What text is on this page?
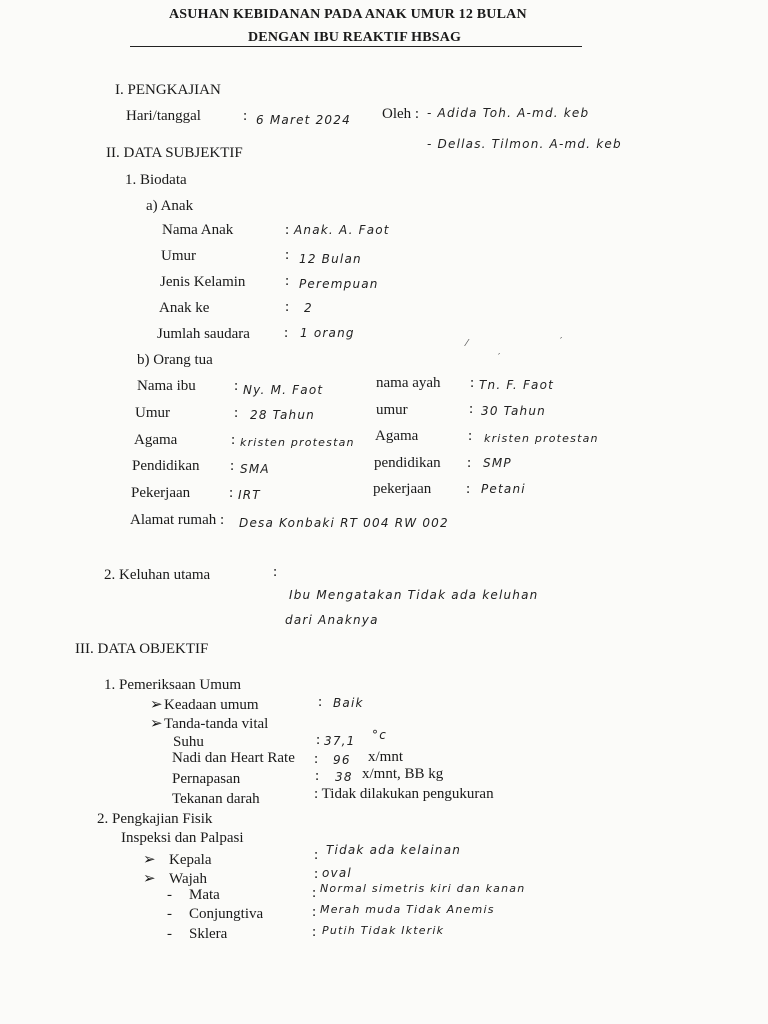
ASUHAN KEBIDANAN PADA ANAK UMUR 12 BULAN
DENGAN IBU REAKTIF HBSAG
I. PENGKAJIAN
Hari/tanggal	: 6 Maret 2024 Oleh : - Adida Toh. A-md. keb
- Dellas. Tilmon. A-md. keb
II. DATA SUBJEKTIF
1. Biodata
a) Anak
Nama Anak	: Anak. A. Faot
Umur	: 12 Bulan
Jenis Kelamin	: Perempuan
Anak ke	: 2
Jumlah saudara : 1 orang
⁄
′
′
b) Orang tua
Nama ibu	: Ny. M. Faot
Umur	: 28 Tahun
Agama	: kristen protestan
Pendidikan : SMA
Pekerjaan	: IRT
nama ayah : Tn. F. Faot
umur	: 30 Tahun
Agama	: kristen protestan
pendidikan : SMP
pekerjaan : Petani
Alamat rumah : Desa Konbaki RT 004 RW 002
2. Keluhan utama	:
Ibu Mengatakan Tidak ada keluhan
dari Anaknya
III. DATA OBJEKTIF
1. Pemeriksaan Umum
➢Keadaan umum	: Baik
➢Tanda-tanda vital
Suhu	: 37,1 °c
Nadi dan Heart Rate : 96 x/mnt
Pernapasan	: 38 x/mnt, BB kg
Tekanan darah	: Tidak dilakukan pengukuran
2. Pengkajian Fisik
Inspeksi dan Palpasi
➢ Kepala	: Tidak ada kelainan
➢ Wajah	: oval
- Mata	: Normal simetris kiri dan kanan
- Conjungtiva	: Merah muda Tidak Anemis
- Sklera	: Putih Tidak Ikterik
